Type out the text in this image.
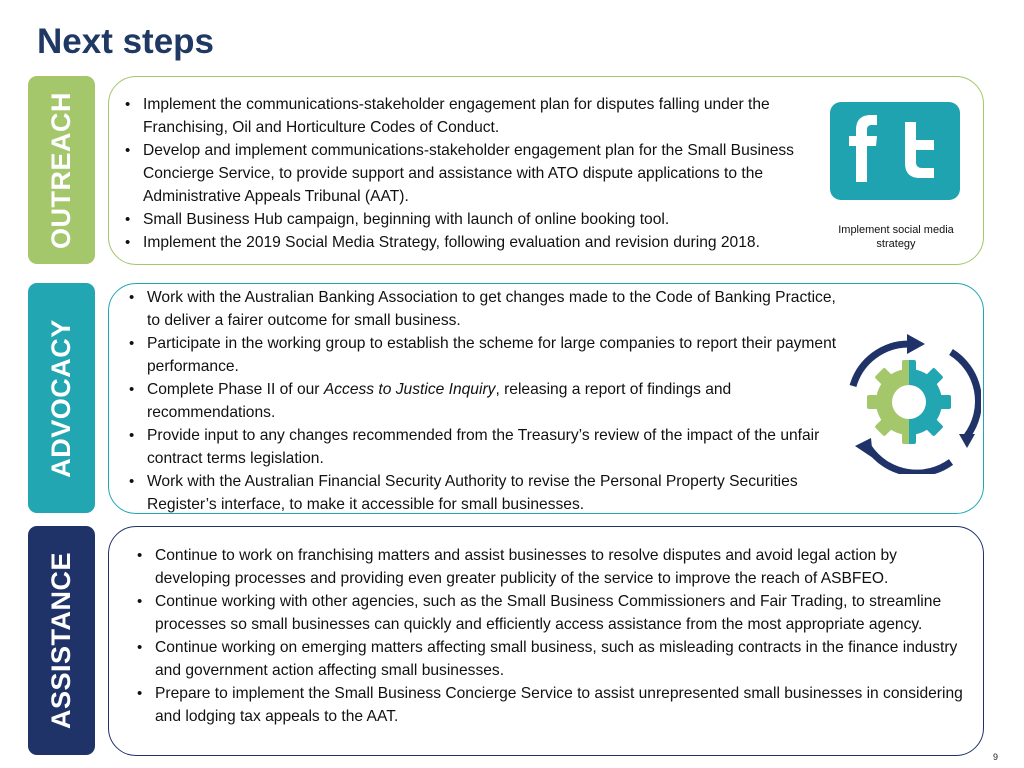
Next steps
OUTREACH	• Implement the communications-stakeholder engagement plan for disputes falling under the Franchising, Oil and Horticulture Codes of Conduct.
• Develop and implement communications-stakeholder engagement plan for the Small Business Concierge Service, to provide support and assistance with ATO dispute applications to the Administrative Appeals Tribunal (AAT).
• Small Business Hub campaign, beginning with launch of online booking tool.
• Implement the 2019 Social Media Strategy, following evaluation and revision during 2018.
Implement social media strategy
ADVOCACY
• Work with the Australian Banking Association to get changes made to the Code of Banking Practice, to deliver a fairer outcome for small business.
• Participate in the working group to establish the scheme for large companies to report their payment performance.
• Complete Phase II of our Access to Justice Inquiry, releasing a report of findings and recommendations.
• Provide input to any changes recommended from the Treasury’s review of the impact of the unfair contract terms legislation.
• Work with the Australian Financial Security Authority to revise the Personal Property Securities Register’s interface, to make it accessible for small businesses.
ASSISTANCE	• Continue to work on franchising matters and assist businesses to resolve disputes and avoid legal action by developing processes and providing even greater publicity of the service to improve the reach of ASBFEO.
• Continue working with other agencies, such as the Small Business Commissioners and Fair Trading, to streamline processes so small businesses can quickly and efficiently access assistance from the most appropriate agency.
• Continue working on emerging matters affecting small business, such as misleading contracts in the finance industry and government action affecting small businesses.
• Prepare to implement the Small Business Concierge Service to assist unrepresented small businesses in considering and lodging tax appeals to the AAT.
9
